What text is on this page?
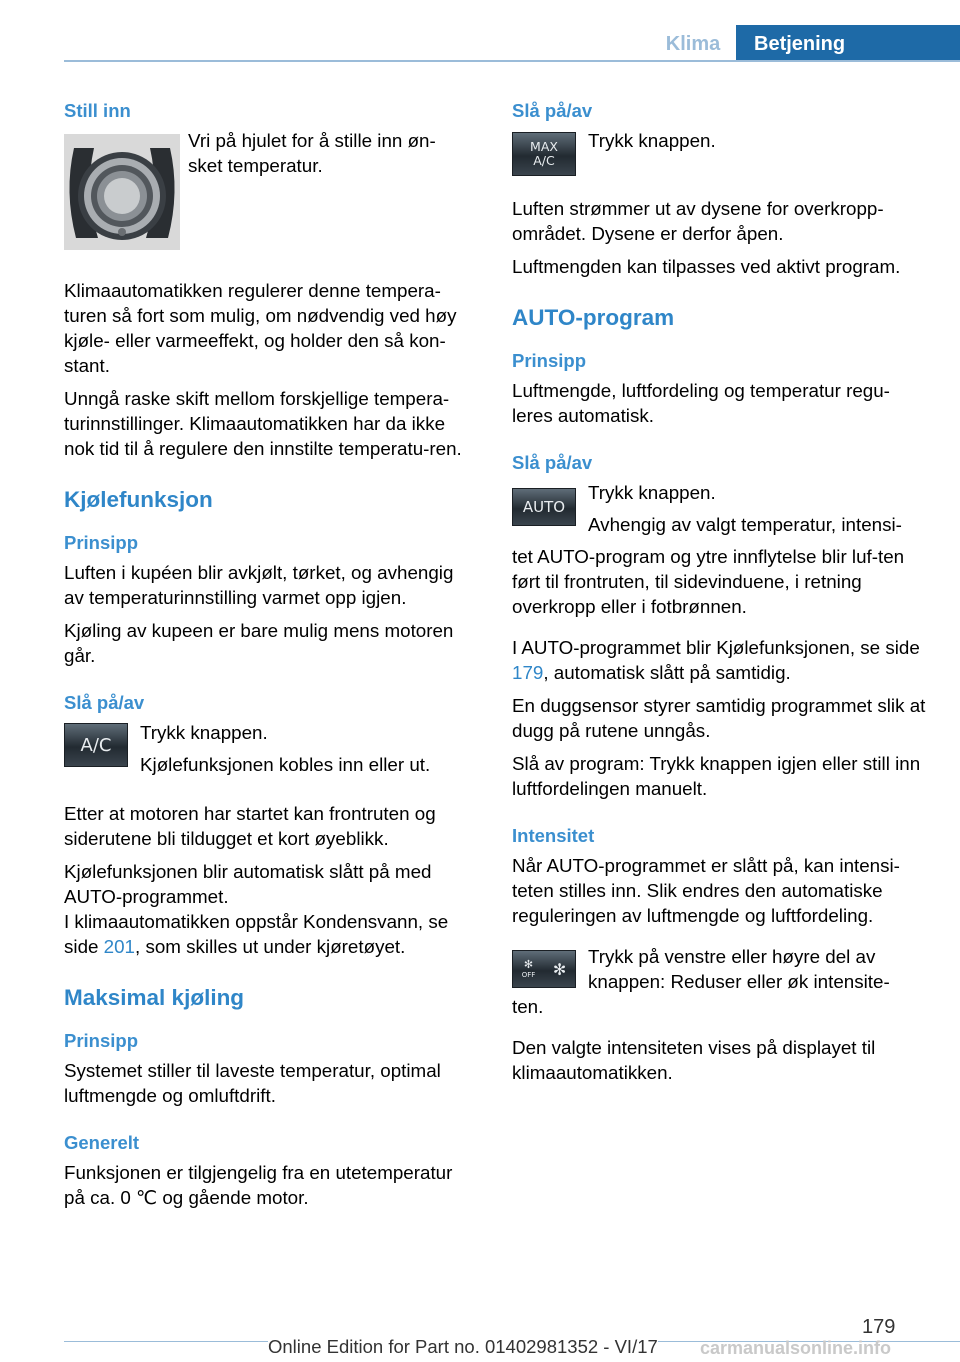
Klima	Betjening
Still inn

Vri på hjulet for å stille inn øn-

sket temperatur.

Klimaautomatikken regulerer denne tempera-turen så fort som mulig, om nødvendig ved høy kjøle- eller varmeeffekt, og holder den så kon-stant.

Unngå raske skift mellom forskjellige tempera-turinnstillinger. Klimaautomatikken har da ikke nok tid til å regulere den innstilte temperatu-ren.

Kjølefunksjon
Prinsipp

Luften i kupéen blir avkjølt, tørket, og avhengig av temperaturinnstilling varmet opp igjen.

Kjøling av kupeen er bare mulig mens motoren går.

Slå på/av
A/C

Trykk knappen.

Kjølefunksjonen kobles inn eller ut.

Etter at motoren har startet kan frontruten og siderutene bli tildugget et kort øyeblikk.

Kjølefunksjonen blir automatisk slått på med AUTO-programmet.

I klimaautomatikken oppstår Kondensvann, se side 201, som skilles ut under kjøretøyet.

Maksimal kjøling
Prinsipp

Systemet stiller til laveste temperatur, optimal luftmengde og omluftdrift.

Generelt

Funksjonen er tilgjengelig fra en utetemperatur på ca. 0 ℃ og gående motor.

Slå på/av
MAX
A/C

Trykk knappen.

Luften strømmer ut av dysene for overkropp-området. Dysene er derfor åpen.

Luftmengden kan tilpasses ved aktivt program.

AUTO-program
Prinsipp

Luftmengde, luftfordeling og temperatur regu-leres automatisk.

Slå på/av
AUTO

Trykk knappen.

Avhengig av valgt temperatur, intensi-

tet AUTO-program og ytre innflytelse blir luf-ten ført til frontruten, til sidevinduene, i retning overkropp eller i fotbrønnen.

I AUTO-programmet blir Kjølefunksjonen, se side 179, automatisk slått på samtidig.

En duggsensor styrer samtidig programmet slik at dugg på rutene unngås.

Slå av program: Trykk knappen igjen eller still inn luftfordelingen manuelt.

Intensitet

Når AUTO-programmet er slått på, kan intensi-teten stilles inn. Slik endres den automatiske reguleringen av luftmengde og luftfordeling.

✻
OFF ✻

Trykk på venstre eller høyre del av

knappen: Reduser eller øk intensite-

ten.

Den valgte intensiteten vises på displayet til klimaautomatikken.

179
Online Edition for Part no. 01402981352 - VI/17 carmanualsonline.info
